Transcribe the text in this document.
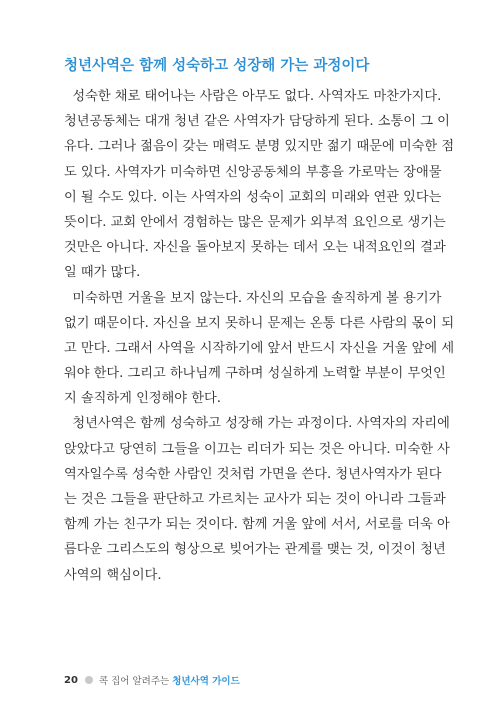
청년사역은 함께 성숙하고 성장해 가는 과정이다
성숙한 채로 태어나는 사람은 아무도 없다. 사역자도 마찬가지다.
청년공동체는 대개 청년 같은 사역자가 담당하게 된다. 소통이 그 이
유다. 그러나 젊음이 갖는 매력도 분명 있지만 젊기 때문에 미숙한 점
도 있다. 사역자가 미숙하면 신앙공동체의 부흥을 가로막는 장애물
이 될 수도 있다. 이는 사역자의 성숙이 교회의 미래와 연관 있다는
뜻이다. 교회 안에서 경험하는 많은 문제가 외부적 요인으로 생기는
것만은 아니다. 자신을 돌아보지 못하는 데서 오는 내적요인의 결과
일 때가 많다.
미숙하면 거울을 보지 않는다. 자신의 모습을 솔직하게 볼 용기가
없기 때문이다. 자신을 보지 못하니 문제는 온통 다른 사람의 몫이 되
고 만다. 그래서 사역을 시작하기에 앞서 반드시 자신을 거울 앞에 세
워야 한다. 그리고 하나님께 구하며 성실하게 노력할 부분이 무엇인
지 솔직하게 인정해야 한다.
청년사역은 함께 성숙하고 성장해 가는 과정이다. 사역자의 자리에
앉았다고 당연히 그들을 이끄는 리더가 되는 것은 아니다. 미숙한 사
역자일수록 성숙한 사람인 것처럼 가면을 쓴다. 청년사역자가 된다
는 것은 그들을 판단하고 가르치는 교사가 되는 것이 아니라 그들과
함께 가는 친구가 되는 것이다. 함께 거울 앞에 서서, 서로를 더욱 아
름다운 그리스도의 형상으로 빚어가는 관계를 맺는 것, 이것이 청년
사역의 핵심이다.
20 콕 집어 알려주는 청년사역 가이드
